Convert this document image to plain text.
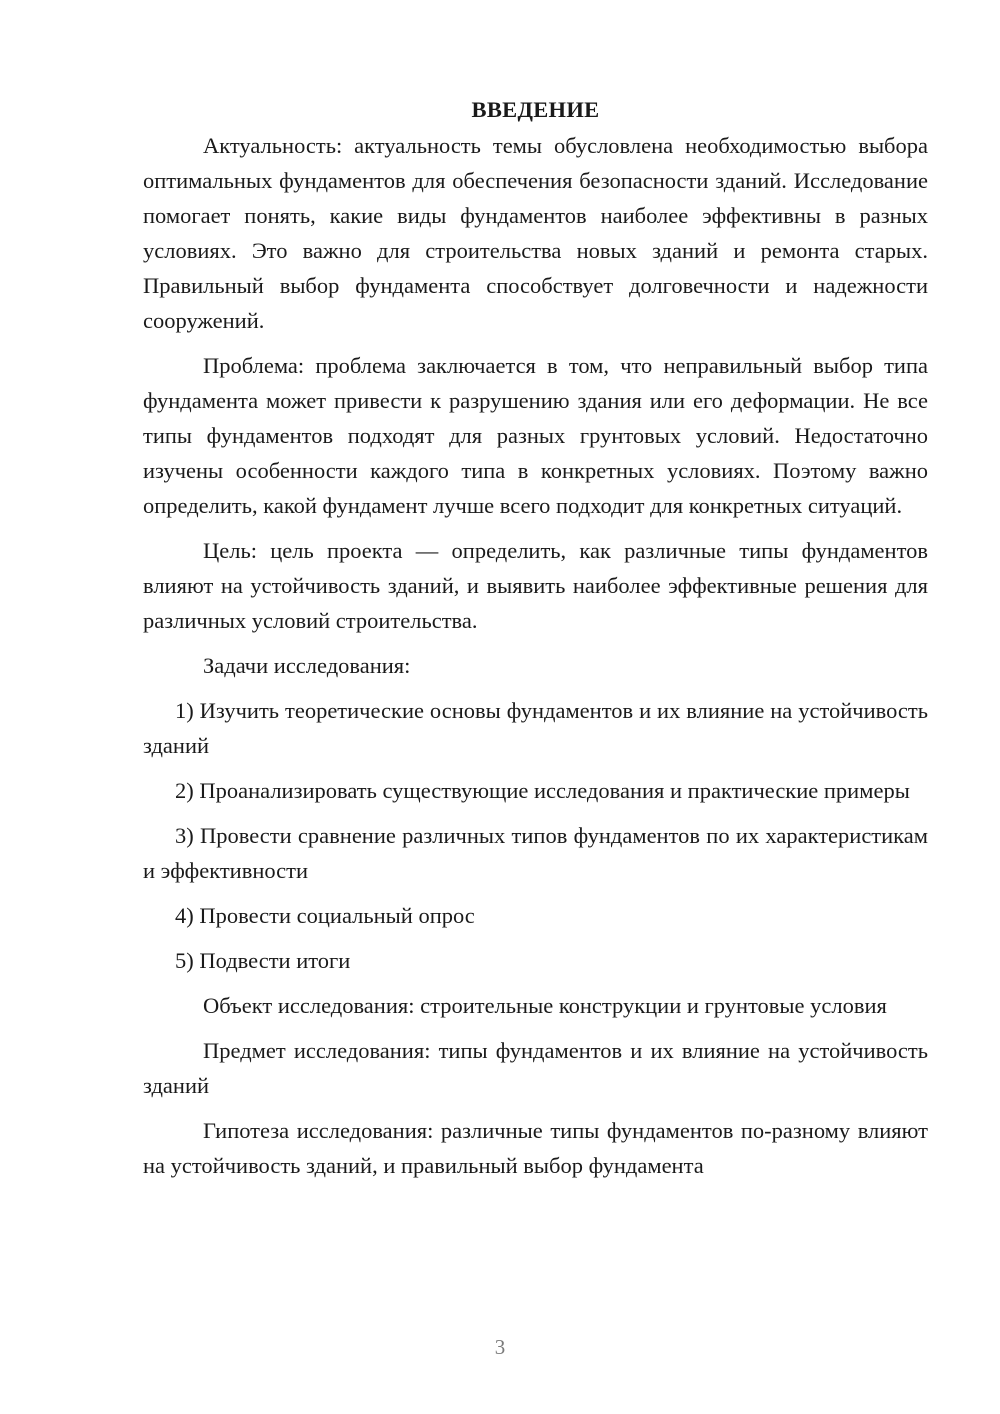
ВВЕДЕНИЕ

Актуальность: актуальность темы обусловлена необходимостью выбора оптимальных фундаментов для обеспечения безопасности зданий. Исследование помогает понять, какие виды фундаментов наиболее эффективны в разных условиях. Это важно для строительства новых зданий и ремонта старых. Правильный выбор фундамента способствует долговечности и надежности сооружений.

Проблема: проблема заключается в том, что неправильный выбор типа фундамента может привести к разрушению здания или его деформации. Не все типы фундаментов подходят для разных грунтовых условий. Недостаточно изучены особенности каждого типа в конкретных условиях. Поэтому важно определить, какой фундамент лучше всего подходит для конкретных ситуаций.

Цель: цель проекта — определить, как различные типы фундаментов влияют на устойчивость зданий, и выявить наиболее эффективные решения для различных условий строительства.

Задачи исследования:

1) Изучить теоретические основы фундаментов и их влияние на устойчивость зданий

2) Проанализировать существующие исследования и практические примеры

3) Провести сравнение различных типов фундаментов по их характеристикам и эффективности

4) Провести социальный опрос

5) Подвести итоги

Объект исследования: строительные конструкции и грунтовые условия

Предмет исследования: типы фундаментов и их влияние на устойчивость зданий

Гипотеза исследования: различные типы фундаментов по-разному влияют на устойчивость зданий, и правильный выбор фундамента

3
